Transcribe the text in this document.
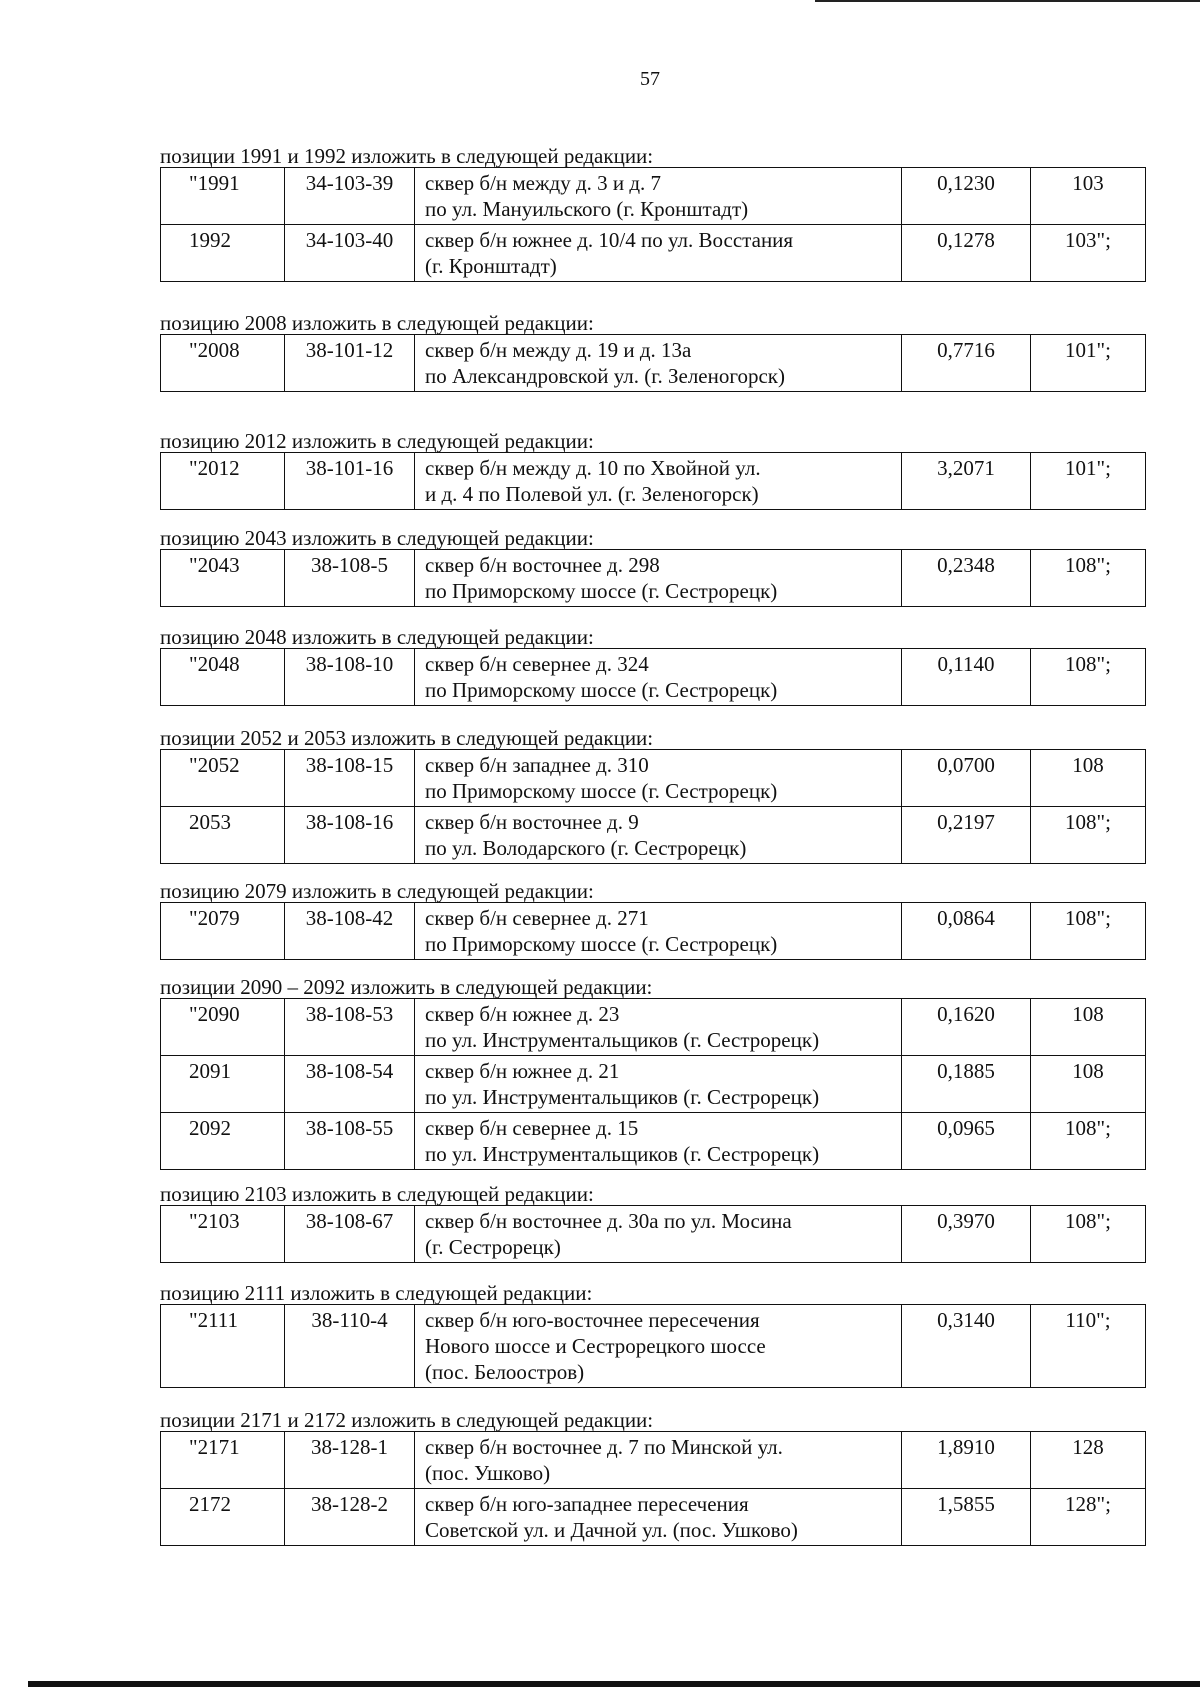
57
позиции 1991 и 1992 изложить в следующей редакции:
"1991	34-103-39	сквер б/н между д. 3 и д. 7
по ул. Мануильского (г. Кронштадт)	0,1230	103
1992	34-103-40	сквер б/н южнее д. 10/4 по ул. Восстания
(г. Кронштадт)	0,1278	103";
позицию 2008 изложить в следующей редакции:
"2008	38-101-12	сквер б/н между д. 19 и д. 13а
по Александровской ул. (г. Зеленогорск)
	0,7716	101";
позицию 2012 изложить в следующей редакции:
"2012	38-101-16	сквер б/н между д. 10 по Хвойной ул.
и д. 4 по Полевой ул. (г. Зеленогорск)
	3,2071	101";
позицию 2043 изложить в следующей редакции:
"2043	38-108-5	сквер б/н восточнее д. 298
по Приморскому шоссе (г. Сестрорецк)
	0,2348	108";
позицию 2048 изложить в следующей редакции:
"2048	38-108-10	сквер б/н севернее д. 324
по Приморскому шоссе (г. Сестрорецк)
	0,1140	108";
позиции 2052 и 2053 изложить в следующей редакции:
"2052	38-108-15	сквер б/н западнее д. 310
по Приморскому шоссе (г. Сестрорецк)	0,0700	108
2053	38-108-16	сквер б/н восточнее д. 9
по ул. Володарского (г. Сестрорецк)	0,2197	108";
позицию 2079 изложить в следующей редакции:
"2079	38-108-42	сквер б/н севернее д. 271
по Приморскому шоссе (г. Сестрорецк)
	0,0864	108";
позиции 2090 – 2092 изложить в следующей редакции:
"2090	38-108-53	сквер б/н южнее д. 23
по ул. Инструментальщиков (г. Сестрорецк)	0,1620	108
2091	38-108-54	сквер б/н южнее д. 21
по ул. Инструментальщиков (г. Сестрорецк)	0,1885	108
2092	38-108-55	сквер б/н севернее д. 15
по ул. Инструментальщиков (г. Сестрорецк)	0,0965	108";
позицию 2103 изложить в следующей редакции:
"2103	38-108-67	сквер б/н восточнее д. 30а по ул. Мосина
(г. Сестрорецк)
	0,3970	108";
позицию 2111 изложить в следующей редакции:
"2111	38-110-4	сквер б/н юго-восточнее пересечения
Нового шоссе и Сестрорецкого шоссе
(пос. Белоостров)
	0,3140	110";
позиции 2171 и 2172 изложить в следующей редакции:
"2171	38-128-1	сквер б/н восточнее д. 7 по Минской ул.
(пос. Ушково)	1,8910	128
2172	38-128-2	сквер б/н юго-западнее пересечения
Советской ул. и Дачной ул. (пос. Ушково)	1,5855	128";
